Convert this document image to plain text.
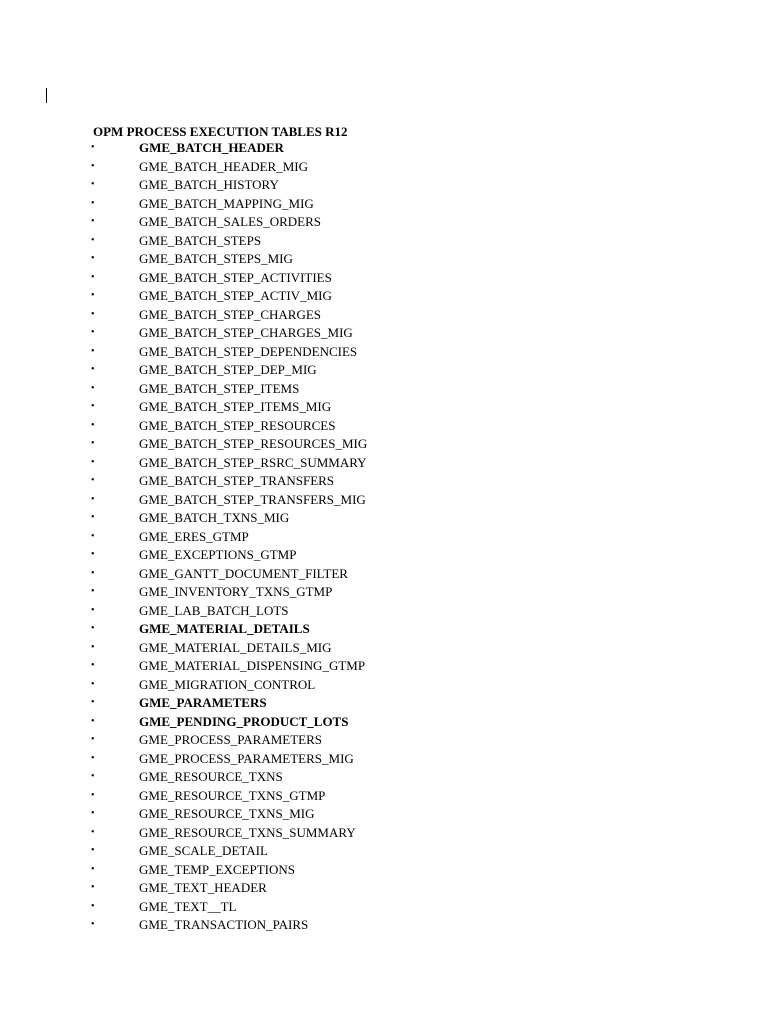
OPM PROCESS EXECUTION TABLES R12
•	GME_BATCH_HEADER
•	GME_BATCH_HEADER_MIG
•	GME_BATCH_HISTORY
•	GME_BATCH_MAPPING_MIG
•	GME_BATCH_SALES_ORDERS
•	GME_BATCH_STEPS
•	GME_BATCH_STEPS_MIG
•	GME_BATCH_STEP_ACTIVITIES
•	GME_BATCH_STEP_ACTIV_MIG
•	GME_BATCH_STEP_CHARGES
•	GME_BATCH_STEP_CHARGES_MIG
•	GME_BATCH_STEP_DEPENDENCIES
•	GME_BATCH_STEP_DEP_MIG
•	GME_BATCH_STEP_ITEMS
•	GME_BATCH_STEP_ITEMS_MIG
•	GME_BATCH_STEP_RESOURCES
•	GME_BATCH_STEP_RESOURCES_MIG
•	GME_BATCH_STEP_RSRC_SUMMARY
•	GME_BATCH_STEP_TRANSFERS
•	GME_BATCH_STEP_TRANSFERS_MIG
•	GME_BATCH_TXNS_MIG
•	GME_ERES_GTMP
•	GME_EXCEPTIONS_GTMP
•	GME_GANTT_DOCUMENT_FILTER
•	GME_INVENTORY_TXNS_GTMP
•	GME_LAB_BATCH_LOTS
•	GME_MATERIAL_DETAILS
•	GME_MATERIAL_DETAILS_MIG
•	GME_MATERIAL_DISPENSING_GTMP
•	GME_MIGRATION_CONTROL
•	GME_PARAMETERS
•	GME_PENDING_PRODUCT_LOTS
•	GME_PROCESS_PARAMETERS
•	GME_PROCESS_PARAMETERS_MIG
•	GME_RESOURCE_TXNS
•	GME_RESOURCE_TXNS_GTMP
•	GME_RESOURCE_TXNS_MIG
•	GME_RESOURCE_TXNS_SUMMARY
•	GME_SCALE_DETAIL
•	GME_TEMP_EXCEPTIONS
•	GME_TEXT_HEADER
•	GME_TEXT__TL
•	GME_TRANSACTION_PAIRS
